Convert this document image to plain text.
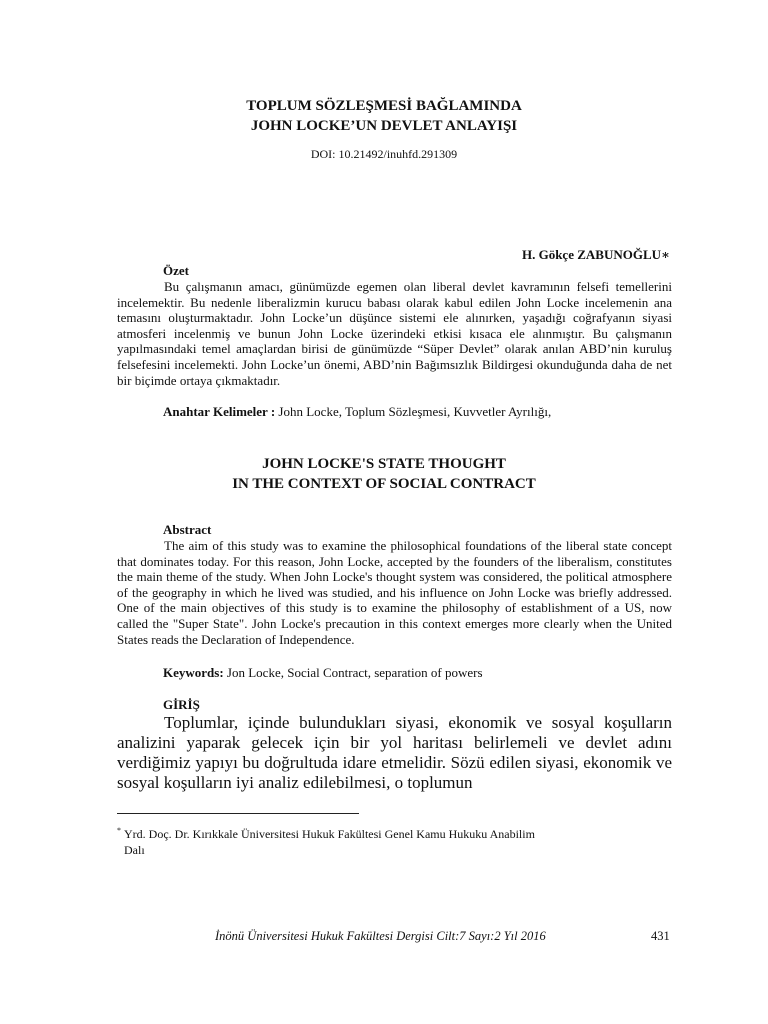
TOPLUM SÖZLEŞMESİ BAĞLAMINDA
JOHN LOCKE’UN DEVLET ANLAYIŞI
DOI: 10.21492/inuhfd.291309
H. Gökçe ZABUNOĞLU∗
Özet
Bu çalışmanın amacı, günümüzde egemen olan liberal devlet kavramının felsefi temellerini incelemektir. Bu nedenle liberalizmin kurucu babası olarak kabul edilen John Locke incelemenin ana temasını oluşturmaktadır. John Locke’un düşünce sistemi ele alınırken, yaşadığı coğrafyanın siyasi atmosferi incelenmiş ve bunun John Locke üzerindeki etkisi kısaca ele alınmıştır. Bu çalışmanın yapılmasındaki temel amaçlardan birisi de günümüzde “Süper Devlet” olarak anılan ABD’nin kuruluş felsefesini incelemekti. John Locke’un önemi, ABD’nin Bağımsızlık Bildirgesi okunduğunda daha de net bir biçimde ortaya çıkmaktadır.
Anahtar Kelimeler : John Locke, Toplum Sözleşmesi, Kuvvetler Ayrılığı,
JOHN LOCKE'S STATE THOUGHT
IN THE CONTEXT OF SOCIAL CONTRACT
Abstract
The aim of this study was to examine the philosophical foundations of the liberal state concept that dominates today. For this reason, John Locke, accepted by the founders of the liberalism, constitutes the main theme of the study. When John Locke's thought system was considered, the political atmosphere of the geography in which he lived was studied, and his influence on John Locke was briefly addressed. One of the main objectives of this study is to examine the philosophy of establishment of a US, now called the "Super State". John Locke's precaution in this context emerges more clearly when the United States reads the Declaration of Independence.
Keywords: Jon Locke, Social Contract, separation of powers
GİRİŞ
Toplumlar, içinde bulundukları siyasi, ekonomik ve sosyal koşulların analizini yaparak gelecek için bir yol haritası belirlemeli ve devlet adını verdiğimiz yapıyı bu doğrultuda idare etmelidir. Sözü edilen siyasi, ekonomik ve sosyal koşulların iyi analiz edilebilmesi, o toplumun
* Yrd. Doç. Dr. Kırıkkale Üniversitesi Hukuk Fakültesi Genel Kamu Hukuku Anabilim
Dalı
İnönü Üniversitesi Hukuk Fakültesi Dergisi Cilt:7 Sayı:2 Yıl 2016	431
